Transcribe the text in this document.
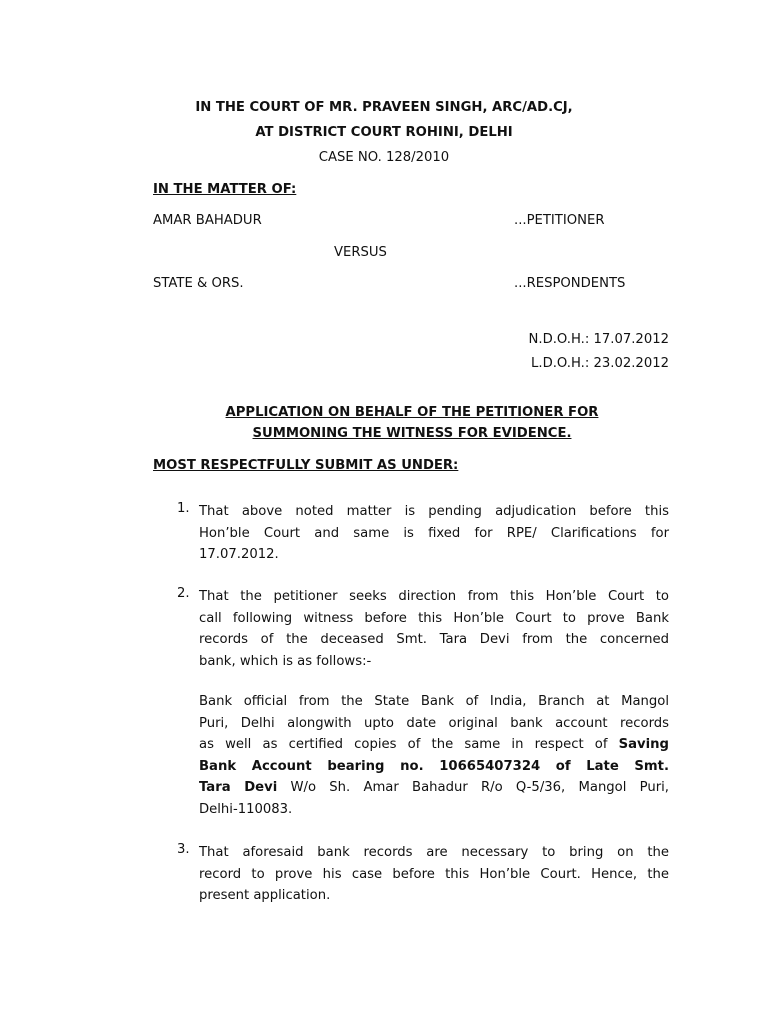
IN THE COURT OF MR. PRAVEEN SINGH, ARC/AD.CJ,
AT DISTRICT COURT ROHINI, DELHI
CASE NO. 128/2010
IN THE MATTER OF:
AMAR BAHADUR	...PETITIONER
VERSUS
STATE & ORS.	...RESPONDENTS
N.D.O.H.: 17.07.2012
L.D.O.H.: 23.02.2012
APPLICATION ON BEHALF OF THE PETITIONER FOR
SUMMONING THE WITNESS FOR EVIDENCE.
MOST RESPECTFULLY SUBMIT AS UNDER:
1. That above noted matter is pending adjudication before this
Hon’ble Court and same is fixed for RPE/ Clarifications for
17.07.2012.
2. That the petitioner seeks direction from this Hon’ble Court to
call following witness before this Hon’ble Court to prove Bank
records of the deceased Smt. Tara Devi from the concerned
bank, which is as follows:-
Bank official from the State Bank of India, Branch at Mangol
Puri, Delhi alongwith upto date original bank account records
as well as certified copies of the same in respect of Saving
Bank Account bearing no. 10665407324 of Late Smt.
Tara Devi W/o Sh. Amar Bahadur R/o Q-5/36, Mangol Puri,
Delhi-110083.
3. That aforesaid bank records are necessary to bring on the
record to prove his case before this Hon’ble Court. Hence, the
present application.
